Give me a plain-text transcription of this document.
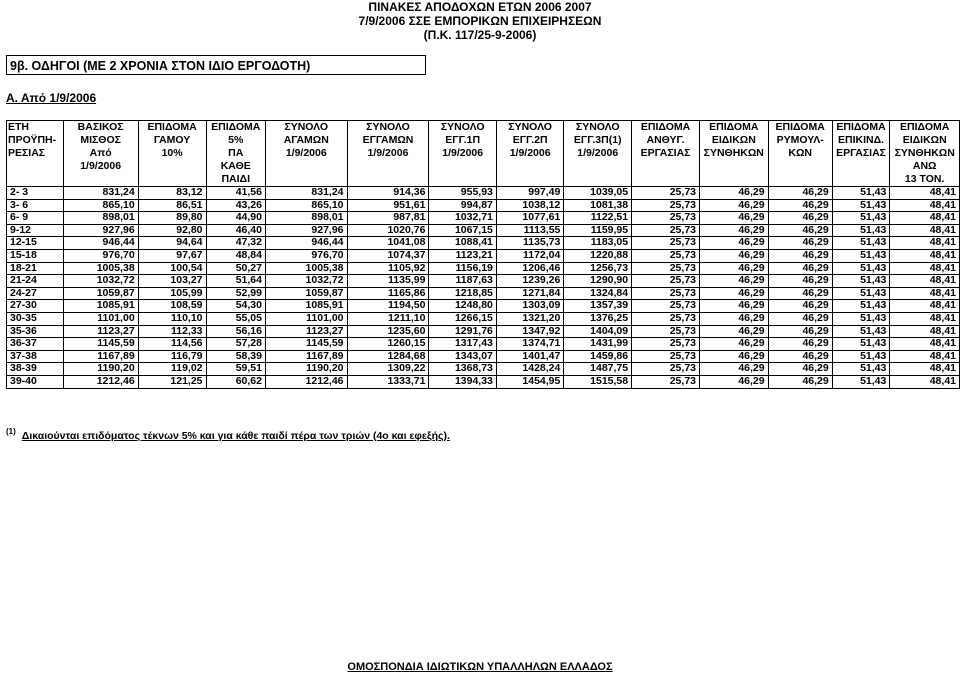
ΠΙΝΑΚΕΣ ΑΠΟΔΟΧΩΝ ΕΤΩΝ 2006 2007
7/9/2006 ΣΣΕ ΕΜΠΟΡΙΚΩΝ ΕΠΙΧΕΙΡΗΣΕΩΝ
(Π.Κ. 117/25-9-2006)
9β. ΟΔΗΓΟΙ (ΜΕ 2 ΧΡΟΝΙΑ ΣΤΟΝ ΙΔΙΟ ΕΡΓΟΔΟΤΗ)
Α. Από 1/9/2006
ΕΤΗ	ΒΑΣΙΚΟΣ	ΕΠΙΔΟΜΑ	ΕΠΙΔΟΜΑ	ΣΥΝΟΛΟ	ΣΥΝΟΛΟ	ΣΥΝΟΛΟ	ΣΥΝΟΛΟ	ΣΥΝΟΛΟ	ΕΠΙΔΟΜΑ	ΕΠΙΔΟΜΑ	ΕΠΙΔΟΜΑ	ΕΠΙΔΟΜΑ	ΕΠΙΔΟΜΑ
ΠΡΟΫΠΗ-	ΜΙΣΘΟΣ	ΓΑΜΟΥ	5%	ΑΓΑΜΩΝ	ΕΓΓΑΜΩΝ	ΕΓΓ.1Π	ΕΓΓ.2Π	ΕΓΓ.3Π(1)	ΑΝΘΥΓ.	ΕΙΔΙΚΩΝ	ΡΥΜΟΥΛ-	ΕΠΙΚΙΝΔ.	ΕΙΔΙΚΩΝ
ΡΕΣΙΑΣ	Από	10%	ΠΑ	1/9/2006	1/9/2006	1/9/2006	1/9/2006	1/9/2006	ΕΡΓΑΣΙΑΣ	ΣΥΝΘΗΚΩΝ	ΚΩΝ	ΕΡΓΑΣΙΑΣ	ΣΥΝΘΗΚΩΝ
	1/9/2006		ΚΑΘΕ										ΑΝΩ
			ΠΑΙΔΙ										13 ΤΟΝ.
2- 3	831,24	83,12	41,56	831,24	914,36	955,93	997,49	1039,05	25,73	46,29	46,29	51,43	48,41
3- 6	865,10	86,51	43,26	865,10	951,61	994,87	1038,12	1081,38	25,73	46,29	46,29	51,43	48,41
6- 9	898,01	89,80	44,90	898,01	987,81	1032,71	1077,61	1122,51	25,73	46,29	46,29	51,43	48,41
9-12	927,96	92,80	46,40	927,96	1020,76	1067,15	1113,55	1159,95	25,73	46,29	46,29	51,43	48,41
12-15	946,44	94,64	47,32	946,44	1041,08	1088,41	1135,73	1183,05	25,73	46,29	46,29	51,43	48,41
15-18	976,70	97,67	48,84	976,70	1074,37	1123,21	1172,04	1220,88	25,73	46,29	46,29	51,43	48,41
18-21	1005,38	100,54	50,27	1005,38	1105,92	1156,19	1206,46	1256,73	25,73	46,29	46,29	51,43	48,41
21-24	1032,72	103,27	51,64	1032,72	1135,99	1187,63	1239,26	1290,90	25,73	46,29	46,29	51,43	48,41
24-27	1059,87	105,99	52,99	1059,87	1165,86	1218,85	1271,84	1324,84	25,73	46,29	46,29	51,43	48,41
27-30	1085,91	108,59	54,30	1085,91	1194,50	1248,80	1303,09	1357,39	25,73	46,29	46,29	51,43	48,41
30-35	1101,00	110,10	55,05	1101,00	1211,10	1266,15	1321,20	1376,25	25,73	46,29	46,29	51,43	48,41
35-36	1123,27	112,33	56,16	1123,27	1235,60	1291,76	1347,92	1404,09	25,73	46,29	46,29	51,43	48,41
36-37	1145,59	114,56	57,28	1145,59	1260,15	1317,43	1374,71	1431,99	25,73	46,29	46,29	51,43	48,41
37-38	1167,89	116,79	58,39	1167,89	1284,68	1343,07	1401,47	1459,86	25,73	46,29	46,29	51,43	48,41
38-39	1190,20	119,02	59,51	1190,20	1309,22	1368,73	1428,24	1487,75	25,73	46,29	46,29	51,43	48,41
39-40	1212,46	121,25	60,62	1212,46	1333,71	1394,33	1454,95	1515,58	25,73	46,29	46,29	51,43	48,41
$^{(1)}$ Δικαιούνται επιδόματος τέκνων 5% και για κάθε παιδί πέρα των τριών (4ο και εφεξής).
ΟΜΟΣΠΟΝΔΙΑ ΙΔΙΩΤΙΚΩΝ ΥΠΑΛΛΗΛΩΝ ΕΛΛΑΔΟΣ
